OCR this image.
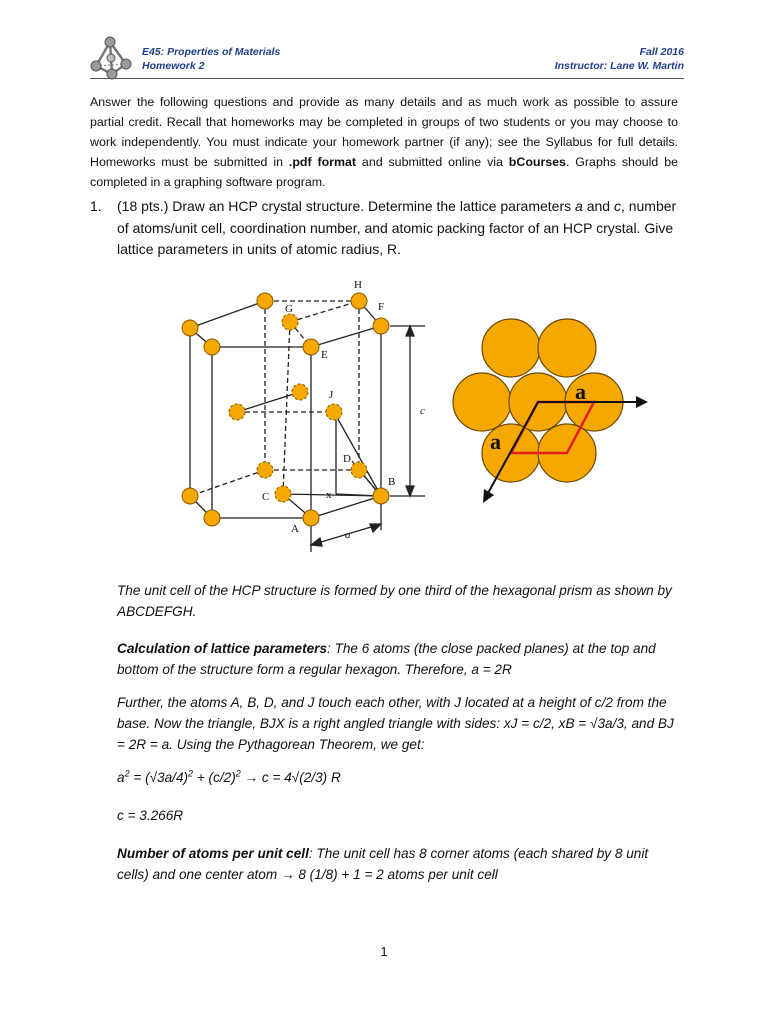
E45: Properties of Materials
Homework 2
Fall 2016
Instructor: Lane W. Martin
Answer the following questions and provide as many details and as much work as possible to assure partial credit. Recall that homeworks may be completed in groups of two students or you may choose to work independently. You must indicate your homework partner (if any); see the Syllabus for full details. Homeworks must be submitted in .pdf format and submitted online via bCourses. Graphs should be completed in a graphing software program.
1. (18 pts.) Draw an HCP crystal structure. Determine the lattice parameters a and c, number of atoms/unit cell, coordination number, and atomic packing factor of an HCP crystal. Give lattice parameters in units of atomic radius, R.
H
G	F
E
J
D
C
B
A
x
c
a
a
a
The unit cell of the HCP structure is formed by one third of the hexagonal prism as shown by ABCDEFGH.
Calculation of lattice parameters: The 6 atoms (the close packed planes) at the top and bottom of the structure form a regular hexagon. Therefore, a = 2R
Further, the atoms A, B, D, and J touch each other, with J located at a height of c/2 from the base. Now the triangle, BJX is a right angled triangle with sides: xJ = c/2, xB = √3a/3, and BJ = 2R = a. Using the Pythagorean Theorem, we get:
$a^2 = (√3a/4)^2 + (c/2)^2 \to c = 4√(2/3)$ R
c = 3.266R
Number of atoms per unit cell: The unit cell has 8 corner atoms (each shared by 8 unit cells) and one center atom → 8 (1/8) + 1 = 2 atoms per unit cell
1
